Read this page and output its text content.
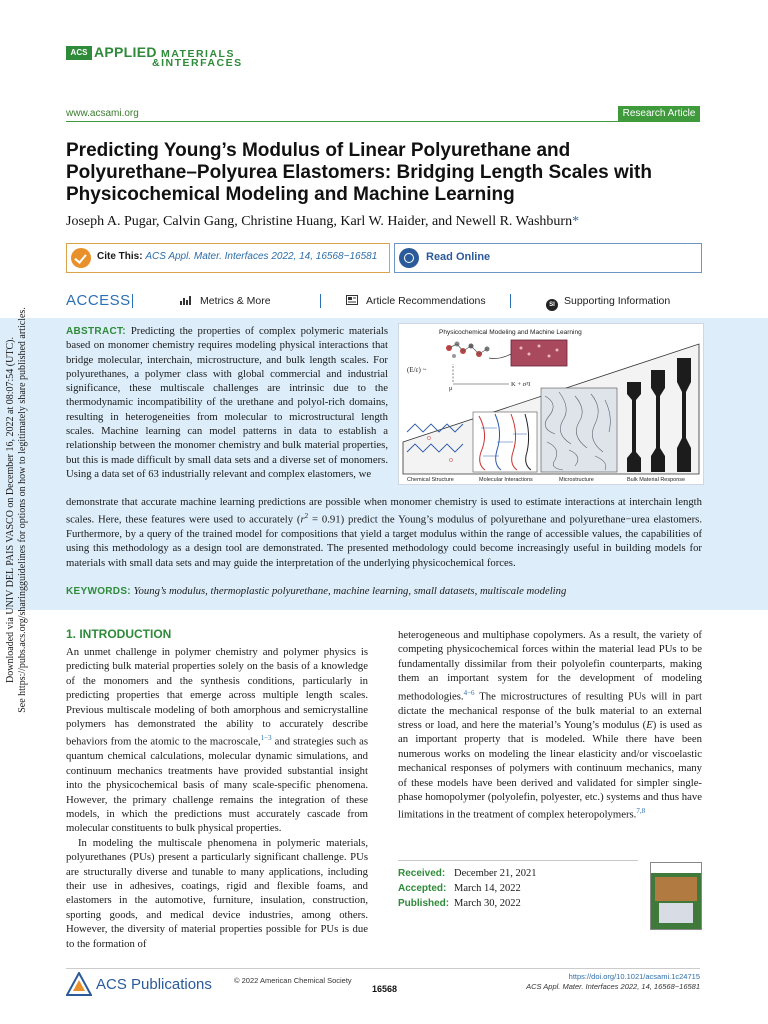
ACS APPLIED MATERIALS
&INTERFACES
www.acsami.org	Research Article
Predicting Young’s Modulus of Linear Polyurethane and Polyurethane–Polyurea Elastomers: Bridging Length Scales with Physicochemical Modeling and Machine Learning
Joseph A. Pugar, Calvin Gang, Christine Huang, Karl W. Haider, and Newell R. Washburn*
Cite This: ACS Appl. Mater. Interfaces 2022, 14, 16568−16581	Read Online
ACCESS	Metrics & More	Article Recommendations	SI Supporting Information
ABSTRACT: Predicting the properties of complex polymeric materials based on monomer chemistry requires modeling physical interactions that bridge molecular, interchain, microstructure, and bulk length scales. For polyurethanes, a polymer class with global commercial and industrial significance, these multiscale challenges are intrinsic due to the thermodynamic incompatibility of the urethane and polyol-rich domains, resulting in heterogeneities from molecular to microstructural length scales. Machine learning can model patterns in data to establish a relationship between the monomer chemistry and bulk material properties, but this is made difficult by small data sets and a diverse set of monomers. Using a data set of 63 industrially relevant and complex elastomers, we
demonstrate that accurate machine learning predictions are possible when monomer chemistry is used to estimate interactions at interchain length scales. Here, these features were used to accurately $(r^2 = 0.91)$ predict the Young’s modulus of polyurethane and polyurethane−urea elastomers. Furthermore, by a query of the trained model for compositions that yield a target modulus within the range of accessible values, the capabilities of using this methodology as a design tool are demonstrated. The presented methodology could become increasingly useful in building models for materials with small data sets and may guide the interpretation of the underlying physicochemical forces.
KEYWORDS: Young’s modulus, thermoplastic polyurethane, machine learning, small datasets, multiscale modeling
Physicochemical Modeling and Machine Learning
(E/ε) ~
μ
K + σ³I
O
O
Chemical Structure	Molecular Interactions	Microstructure	Bulk Material Response
1. INTRODUCTION
An unmet challenge in polymer chemistry and polymer physics is predicting bulk material properties solely on the basis of a knowledge of the monomers and the synthesis conditions, particularly in predicting properties that emerge across multiple length scales. Previous multiscale modeling of both amorphous and semicrystalline polymers has demonstrated the ability to accurately describe behaviors from the atomic to the macroscale,$^{1-3}$ and strategies such as quantum chemical calculations, molecular dynamic simulations, and continuum mechanics treatments have provided substantial insight into the physicochemical basis of many scale-specific phenomena. However, the primary challenge remains the integration of these models, in which the predictions must accurately cascade from molecular constituents to bulk physical properties.
In modeling the multiscale phenomena in polymeric materials, polyurethanes (PUs) present a particularly significant challenge. PUs are structurally diverse and tunable to many applications, including their use in adhesives, coatings, rigid and flexible foams, and elastomers in the automotive, furniture, insulation, construction, sporting goods, and medical device industries, among others. However, the diversity of material properties possible for PUs is due to the formation of
heterogeneous and multiphase copolymers. As a result, the variety of competing physicochemical forces within the material lead PUs to be fundamentally dissimilar from their polyolefin counterparts, making them an important system for the development of modeling methodologies.$^{4-6}$ The microstructures of resulting PUs will in part dictate the mechanical response of the bulk material to an external stress or load, and here the material’s Young’s modulus (E) is used as an important property that is modeled. While there have been numerous works on modeling the linear elasticity and/or viscoelastic mechanical responses of polymers with continuum mechanics, many of these models have been derived and validated for simpler single-phase homopolymer (polyolefin, polyester, etc.) systems and thus have limitations in the treatment of complex heteropolymers.$^{7,8}$
Received: December 21, 2021
Accepted: March 14, 2022
Published: March 30, 2022
Downloaded via UNIV DEL PAIS VASCO on December 16, 2022 at 08:07:54 (UTC). See https://pubs.acs.org/sharingguidelines for options on how to legitimately share published articles.
ACS Publications	© 2022 American Chemical Society
16568
https://doi.org/10.1021/acsami.1c24715
ACS Appl. Mater. Interfaces 2022, 14, 16568−16581
